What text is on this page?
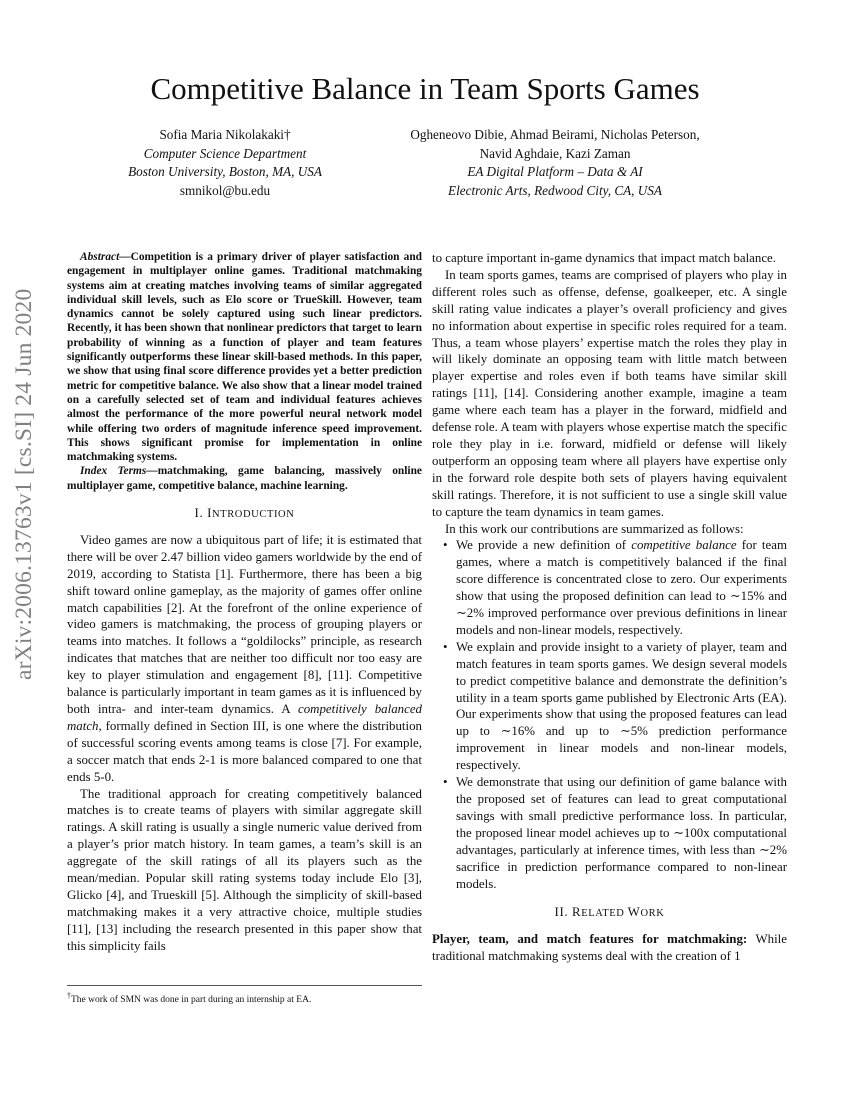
arXiv:2006.13763v1 [cs.SI] 24 Jun 2020
Competitive Balance in Team Sports Games
Sofia Maria Nikolakaki†
Computer Science Department
Boston University, Boston, MA, USA
smnikol@bu.edu
Ogheneovo Dibie, Ahmad Beirami, Nicholas Peterson,
Navid Aghdaie, Kazi Zaman
EA Digital Platform – Data & AI
Electronic Arts, Redwood City, CA, USA

Abstract—Competition is a primary driver of player satisfaction and engagement in multiplayer online games. Traditional matchmaking systems aim at creating matches involving teams of similar aggregated individual skill levels, such as Elo score or TrueSkill. However, team dynamics cannot be solely captured using such linear predictors. Recently, it has been shown that nonlinear predictors that target to learn probability of winning as a function of player and team features significantly outperforms these linear skill-based methods. In this paper, we show that using final score difference provides yet a better prediction metric for competitive balance. We also show that a linear model trained on a carefully selected set of team and individual features achieves almost the performance of the more powerful neural network model while offering two orders of magnitude inference speed improvement. This shows significant promise for implementation in online matchmaking systems.

Index Terms—matchmaking, game balancing, massively online multiplayer game, competitive balance, machine learning.

I. INTRODUCTION

Video games are now a ubiquitous part of life; it is estimated that there will be over 2.47 billion video gamers worldwide by the end of 2019, according to Statista [1]. Furthermore, there has been a big shift toward online gameplay, as the majority of games offer online match capabilities [2]. At the forefront of the online experience of video gamers is matchmaking, the process of grouping players or teams into matches. It follows a “goldilocks” principle, as research indicates that matches that are neither too difficult nor too easy are key to player stimulation and engagement [8], [11]. Competitive balance is particularly important in team games as it is influenced by both intra- and inter-team dynamics. A competitively balanced match, formally defined in Section III, is one where the distribution of successful scoring events among teams is close [7]. For example, a soccer match that ends 2-1 is more balanced compared to one that ends 5-0.

The traditional approach for creating competitively balanced matches is to create teams of players with similar aggregate skill ratings. A skill rating is usually a single numeric value derived from a player’s prior match history. In team games, a team’s skill is an aggregate of the skill ratings of all its players such as the mean/median. Popular skill rating systems today include Elo [3], Glicko [4], and Trueskill [5]. Although the simplicity of skill-based matchmaking makes it a very attractive choice, multiple studies [11], [13] including the research presented in this paper show that this simplicity fails

to capture important in-game dynamics that impact match balance.

In team sports games, teams are comprised of players who play in different roles such as offense, defense, goalkeeper, etc. A single skill rating value indicates a player’s overall proficiency and gives no information about expertise in specific roles required for a team. Thus, a team whose players’ expertise match the roles they play in will likely dominate an opposing team with little match between player expertise and roles even if both teams have similar skill ratings [11], [14]. Considering another example, imagine a team game where each team has a player in the forward, midfield and defense role. A team with players whose expertise match the specific role they play in i.e. forward, midfield or defense will likely outperform an opposing team where all players have expertise only in the forward role despite both sets of players having equivalent skill ratings. Therefore, it is not sufficient to use a single skill value to capture the team dynamics in team games.

In this work our contributions are summarized as follows:

• We provide a new definition of competitive balance for team games, where a match is competitively balanced if the final score difference is concentrated close to zero. Our experiments show that using the proposed definition can lead to ∼15% and ∼2% improved performance over previous definitions in linear models and non-linear models, respectively.
• We explain and provide insight to a variety of player, team and match features in team sports games. We design several models to predict competitive balance and demonstrate the definition’s utility in a team sports game published by Electronic Arts (EA). Our experiments show that using the proposed features can lead up to ∼16% and up to ∼5% prediction performance improvement in linear models and non-linear models, respectively.
• We demonstrate that using our definition of game balance with the proposed set of features can lead to great computational savings with small predictive performance loss. In particular, the proposed linear model achieves up to ∼100x computational advantages, particularly at inference times, with less than ∼2% sacrifice in prediction performance compared to non-linear models.
II. RELATED WORK

Player, team, and match features for matchmaking: While traditional matchmaking systems deal with the creation of 1

†The work of SMN was done in part during an internship at EA.
